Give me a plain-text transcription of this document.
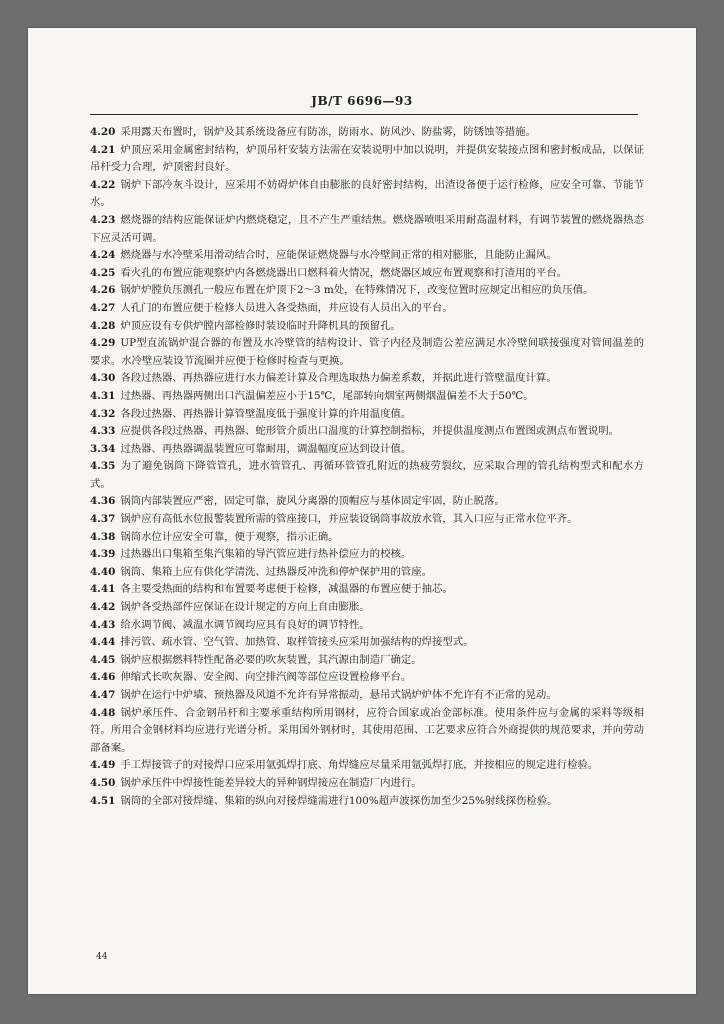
JB/T 6696—93

4.20 采用露天布置时，锅炉及其系统设备应有防冻，防雨水、防风沙、防盐雾，防锈蚀等措施。

4.21 炉顶应采用金属密封结构，炉顶吊杆安装方法需在安装说明中加以说明，并提供安装接点图和密封板成品，以保证吊杆受力合理，炉顶密封良好。

4.22 锅炉下部冷灰斗设计，应采用不妨碍炉体自由膨胀的良好密封结构，出渣设备便于运行检修，应安全可靠、节能节水。

4.23 燃烧器的结构应能保证炉内燃烧稳定，且不产生严重结焦。燃烧器喷咀采用耐高温材料，有调节装置的燃烧器热态下应灵活可调。

4.24 燃烧器与水冷壁采用滑动结合时，应能保证燃烧器与水冷壁间正常的相对膨胀，且能防止漏风。

4.25 看火孔的布置应能观察炉内各燃烧器出口燃料着火情况，燃烧器区域应布置观察和打渣用的平台。

4.26 锅炉炉膛负压测孔一般应布置在炉顶下2～3 m处，在特殊情况下，改变位置时应规定出相应的负压值。

4.27 人孔门的布置应便于检修人员进入各受热面，并应设有人员出入的平台。

4.28 炉顶应设有专供炉膛内部检修时装设临时升降机具的预留孔。

4.29 UP型直流锅炉混合器的布置及水冷壁管的结构设计、管子内径及制造公差应满足水冷壁间联接强度对管间温差的要求。水冷壁应装设节流圈并应便于检修时检查与更换。

4.30 各段过热器、再热器应进行水力偏差计算及合理选取热力偏差系数，并据此进行管壁温度计算。

4.31 过热器、再热器两侧出口汽温偏差应小于15℃，尾部转向烟室两侧烟温偏差不大于50℃。

4.32 各段过热器、再热器计算管壁温度低于强度计算的许用温度值。

4.33 应提供各段过热器、再热器、蛇形管介质出口温度的计算控制指标，并提供温度测点布置图或测点布置说明。

3.34 过热器、再热器调温装置应可靠耐用，调温幅度应达到设计值。

4.35 为了避免锅筒下降管管孔，进水管管孔、再循环管管孔附近的热疲劳裂纹，应采取合理的管孔结构型式和配水方式。

4.36 锅筒内部装置应严密，固定可靠，旋风分离器的顶帽应与基体固定牢固，防止脱落。

4.37 锅炉应有高低水位报警装置所需的管座接口，并应装设锅筒事故放水管，其入口应与正常水位平齐。

4.38 锅筒水位计应安全可靠，便于观察，指示正确。

4.39 过热器出口集箱至集汽集箱的导汽管应进行热补偿应力的校核。

4.40 锅筒、集箱上应有供化学清洗、过热器反冲洗和停炉保护用的管座。

4.41 各主要受热面的结构和布置要考虑便于检修，减温器的布置应便于抽芯。

4.42 锅炉各受热部件应保证在设计规定的方向上自由膨胀。

4.43 给水调节阀、减温水调节阀均应具有良好的调节特性。

4.44 排污管、疏水管、空气管、加热管、取样管接头应采用加强结构的焊接型式。

4.45 锅炉应根据燃料特性配备必要的吹灰装置，其汽源由制造厂确定。

4.46 伸缩式长吹灰器、安全阀、向空排汽阀等部位应设置检修平台。

4.47 锅炉在运行中炉墙、预热器及风道不允许有异常振动，悬吊式锅炉炉体不允许有不正常的晃动。

4.48 锅炉承压件、合金钢吊杆和主要承重结构所用钢材，应符合国家或冶金部标准。使用条件应与金属的采料等级相符。所用合金钢材料均应进行光谱分析。采用国外钢材时，其使用范围、工艺要求应符合外商提供的规范要求，并向劳动部备案。

4.49 手工焊接管子的对接焊口应采用氩弧焊打底、角焊缝应尽量采用氩弧焊打底，并按相应的规定进行检验。

4.50 锅炉承压件中焊接性能差异较大的异种钢焊接应在制造厂内进行。

4.51 锅筒的全部对接焊缝、集箱的纵向对接焊缝需进行100%超声波探伤加至少25%射线探伤检验。

44
